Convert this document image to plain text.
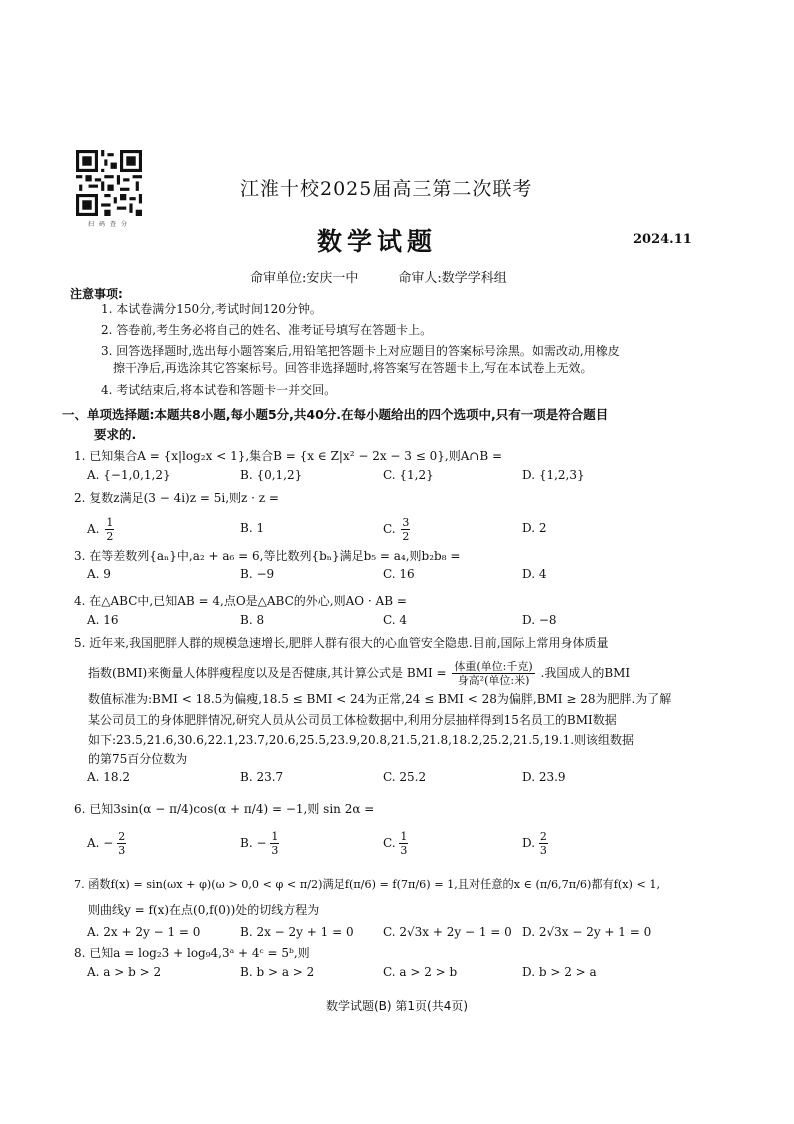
扫码查分
江淮十校2025届高三第二次联考
数学试题	2024.11
命审单位:安庆一中	命审人:数学学科组
注意事项:
1. 本试卷满分150分,考试时间120分钟。
2. 答卷前,考生务必将自己的姓名、准考证号填写在答题卡上。
3. 回答选择题时,选出每小题答案后,用铅笔把答题卡上对应题目的答案标号涂黑。如需改动,用橡皮
擦干净后,再选涂其它答案标号。回答非选择题时,将答案写在答题卡上,写在本试卷上无效。
4. 考试结束后,将本试卷和答题卡一并交回。
一、单项选择题:本题共8小题,每小题5分,共40分.在每小题给出的四个选项中,只有一项是符合题目
要求的.
1. 已知集合A = {x|log₂x < 1},集合B = {x ∈ Z|x² − 2x − 3 ≤ 0},则A∩B =
A. {−1,0,1,2}	B. {0,1,2}	C. {1,2}	D. {1,2,3}
2. 复数z满足(3 − 4i)z = 5i,则z · z =
A. $\frac{1}{2}$	B. 1	C. $\frac{3}{2}$	D. 2
3. 在等差数列{aₙ}中,a₂ + a₆ = 6,等比数列{bₙ}满足b₅ = a₄,则b₂b₈ =
A. 9	B. −9	C. 16	D. 4
4. 在△ABC中,已知AB = 4,点O是△ABC的外心,则AO · AB =
A. 16	B. 8	C. 4	D. −8
5. 近年来,我国肥胖人群的规模急速增长,肥胖人群有很大的心血管安全隐患.目前,国际上常用身体质量
指数(BMI)来衡量人体胖瘦程度以及是否健康,其计算公式是 BMI = 体重(单位:千克)
身高²(单位:米)
.我国成人的BMI
数值标准为:BMI < 18.5为偏瘦,18.5 ≤ BMI < 24为正常,24 ≤ BMI < 28为偏胖,BMI ≥ 28为肥胖.为了解
某公司员工的身体肥胖情况,研究人员从公司员工体检数据中,利用分层抽样得到15名员工的BMI数据
如下:23.5,21.6,30.6,22.1,23.7,20.6,25.5,23.9,20.8,21.5,21.8,18.2,25.2,21.5,19.1.则该组数据
的第75百分位数为
A. 18.2	B. 23.7	C. 25.2	D. 23.9
6. 已知3sin(α − π/4)cos(α + π/4) = −1,则 sin 2α =
A. − $\frac{2}{3}$	B. − $\frac{1}{3}$	C. $\frac{1}{3}$	D. $\frac{2}{3}$
7. 函数f(x) = sin(ωx + φ)(ω > 0,0 < φ < π/2)满足f(π/6) = f(7π/6) = 1,且对任意的x ∈ (π/6,7π/6)都有f(x) < 1,
则曲线y = f(x)在点(0,f(0))处的切线方程为
A. 2x + 2y − 1 = 0	B. 2x − 2y + 1 = 0 C. 2√3x + 2y − 1 = 0 D. 2√3x − 2y + 1 = 0
8. 已知a = log₂3 + log₉4,3ᵃ + 4ᶜ = 5ᵇ,则
A. a > b > 2	B. b > a > 2	C. a > 2 > b	D. b > 2 > a
数学试题(B) 第1页(共4页)
